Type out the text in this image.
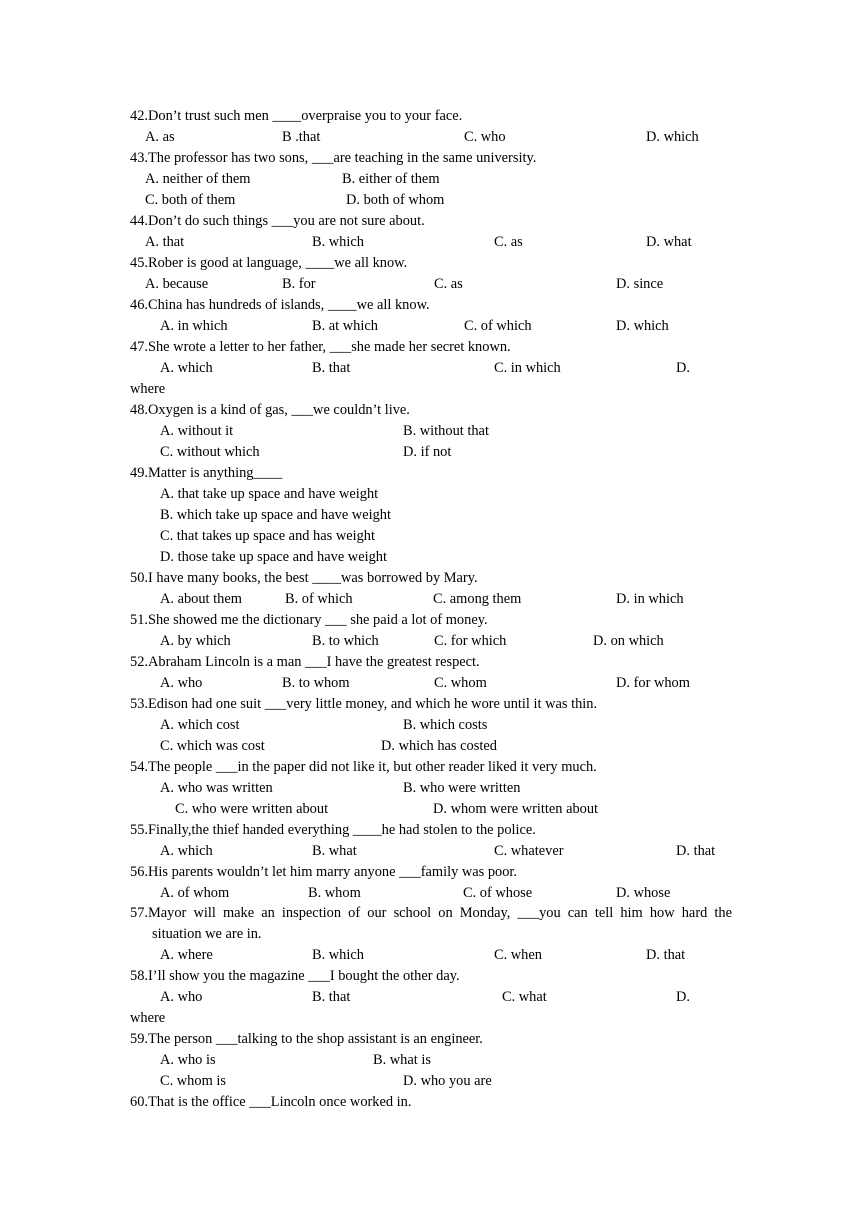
42.Don’t trust such men ____overpraise you to your face.
A. as	B .that	C. who	D. which
43.The professor has two sons, ___are teaching in the same university.
A. neither of them	B. either of them
C. both of them	D. both of whom
44.Don’t do such things ___you are not sure about.
A. that	B. which	C. as	D. what
45.Rober is good at language, ____we all know.
A. because	B. for	C. as	D. since
46.China has hundreds of islands, ____we all know.
A. in which	B. at which	C. of which	D. which
47.She wrote a letter to her father, ___she made her secret known.
A. which	B. that	C. in which	D.
where
48.Oxygen is a kind of gas, ___we couldn’t live.
A. without it	B. without that
C. without which	D. if not
49.Matter is anything____
A. that take up space and have weight
B. which take up space and have weight
C. that takes up space and has weight
D. those take up space and have weight
50.I have many books, the best ____was borrowed by Mary.
A. about them	B. of which	C. among them	D. in which
51.She showed me the dictionary ___ she paid a lot of money.
A. by which	B. to which	C. for which	D. on which
52.Abraham Lincoln is a man ___I have the greatest respect.
A. who	B. to whom	C. whom	D. for whom
53.Edison had one suit ___very little money, and which he wore until it was thin.
A. which cost	B. which costs
C. which was cost	D. which has costed
54.The people ___in the paper did not like it, but other reader liked it very much.
A. who was written	B. who were written
C. who were written about	D. whom were written about
55.Finally,the thief handed everything ____he had stolen to the police.
A. which	B. what	C. whatever	D. that
56.His parents wouldn’t let him marry anyone ___family was poor.
A. of whom	B. whom	C. of whose	D. whose
57.Mayor will make an inspection of our school on Monday, ___you can tell him how hard the
situation we are in.
A. where	B. which	C. when	D. that
58.I’ll show you the magazine ___I bought the other day.
A. who	B. that	C. what	D.
where
59.The person ___talking to the shop assistant is an engineer.
A. who is	B. what is
C. whom is	D. who you are
60.That is the office ___Lincoln once worked in.
